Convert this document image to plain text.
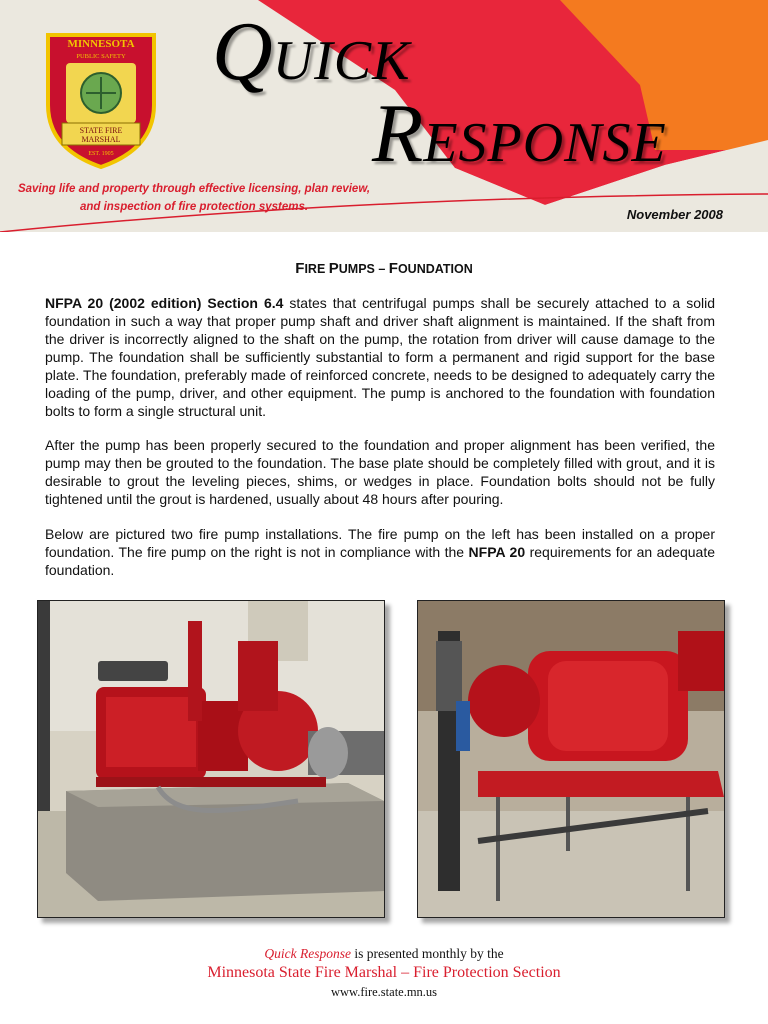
MINNESOTA
PUBLIC SAFETY
STATE FIRE
MARSHAL
EST. 1905
QUICK
RESPONSE
Saving life and property through effective licensing, plan review,
and inspection of fire protection systems.	November 2008
FIRE PUMPS – FOUNDATION

NFPA 20 (2002 edition) Section 6.4 states that centrifugal pumps shall be securely attached to a solid foundation in such a way that proper pump shaft and driver shaft alignment is maintained. If the shaft from the driver is incorrectly aligned to the shaft on the pump, the rotation from driver will cause damage to the pump. The foundation shall be sufficiently substantial to form a permanent and rigid support for the base plate. The foundation, preferably made of reinforced concrete, needs to be designed to adequately carry the loading of the pump, driver, and other equipment. The pump is anchored to the foundation with foundation bolts to form a single structural unit.

After the pump has been properly secured to the foundation and proper alignment has been verified, the pump may then be grouted to the foundation. The base plate should be completely filled with grout, and it is desirable to grout the leveling pieces, shims, or wedges in place. Foundation bolts should not be fully tightened until the grout is hardened, usually about 48 hours after pouring.

Below are pictured two fire pump installations. The fire pump on the left has been installed on a proper foundation. The fire pump on the right is not in compliance with the NFPA 20 requirements for an adequate foundation.

Quick Response is presented monthly by the
Minnesota State Fire Marshal – Fire Protection Section
www.fire.state.mn.us
